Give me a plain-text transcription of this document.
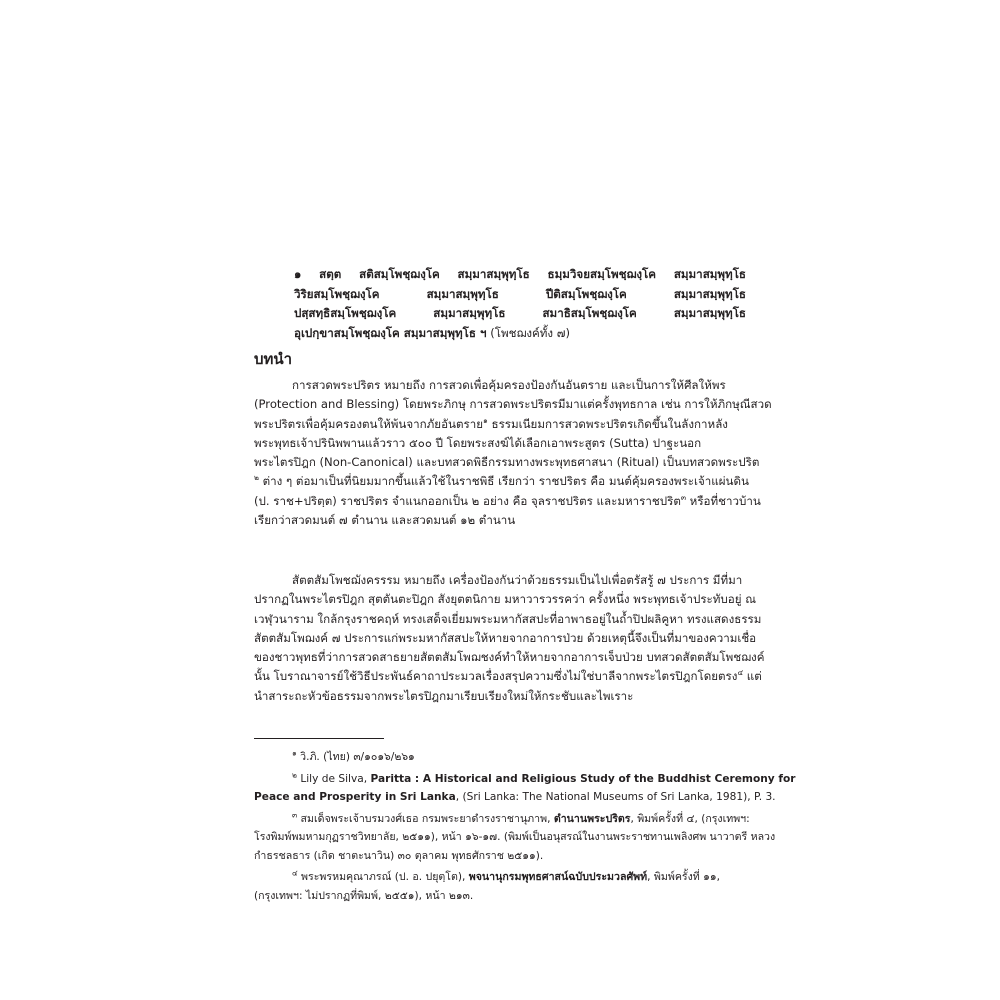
๑ สตฺต สติสมฺโพชฺฌงฺโค สมฺมาสมฺพุทฺโธ ธมฺมวิจยสมฺโพชฺฌงฺโค สมฺมาสมฺพุทฺโธ
วิริยสมฺโพชฺฌงฺโค สมฺมาสมฺพุทฺโธ ปีติสมฺโพชฺฌงฺโค สมฺมาสมฺพุทฺโธ
ปสฺสทฺธิสมฺโพชฺฌงฺโค สมฺมาสมฺพุทฺโธ สมาธิสมฺโพชฺฌงฺโค สมฺมาสมฺพุทฺโธ
อุเปกฺขาสมฺโพชฺฌงฺโค สมฺมาสมฺพุทฺโธ ฯ (โพชฌงค์ทั้ง ๗)
บทนำ
การสวดพระปริตร หมายถึง การสวดเพื่อคุ้มครองป้องกันอันตราย และเป็นการให้ศีลให้พร
(Protection and Blessing) โดยพระภิกษุ การสวดพระปริตรมีมาแต่ครั้งพุทธกาล เช่น การให้ภิกษุณีสวด
พระปริตรเพื่อคุ้มครองตนให้พ้นจากภัยอันตราย$^๑$ ธรรมเนียมการสวดพระปริตรเกิดขึ้นในลังกาหลัง
พระพุทธเจ้าปรินิพพานแล้วราว ๕๐๐ ปี โดยพระสงฆ์ได้เลือกเอาพระสูตร (Sutta) ปาฐะนอก
พระไตรปิฎก (Non-Canonical) และบทสวดพิธีกรรมทางพระพุทธศาสนา (Ritual) เป็นบทสวดพระปริต
$^๒$ ต่าง ๆ ต่อมาเป็นที่นิยมมากขึ้นแล้วใช้ในราชพิธี เรียกว่า ราชปริตร คือ มนต์คุ้มครองพระเจ้าแผ่นดิน
(ป. ราช+ปริตฺต) ราชปริตร จำแนกออกเป็น ๒ อย่าง คือ จุลราชปริตร และมหาราชปริต$^๓$ หรือที่ชาวบ้าน
เรียกว่าสวดมนต์ ๗ ตำนาน และสวดมนต์ ๑๒ ตำนาน
สัตตสัมโพชฌังครรรม หมายถึง เครื่องป้องกันว่าด้วยธรรมเป็นไปเพื่อตรัสรู้ ๗ ประการ มีที่มา
ปรากฏในพระไตรปิฎก สุตตันตะปิฎก สังยุตตนิกาย มหาวารวรรคว่า ครั้งหนึ่ง พระพุทธเจ้าประทับอยู่ ณ
เวฬุวนาราม ใกล้กรุงราชคฤห์ ทรงเสด็จเยี่ยมพระมหากัสสปะที่อาพาธอยู่ในถ้ำปิปผลิคูหา ทรงแสดงธรรม
สัตตสัมโพฌงค์ ๗ ประการแก่พระมหากัสสปะให้หายจากอาการป่วย ด้วยเหตุนี้จึงเป็นที่มาของความเชื่อ
ของชาวพุทธที่ว่าการสวดสาธยายสัตตสัมโพฌชงค์ทำให้หายจากอาการเจ็บป่วย บทสวดสัตตสัมโพชฌงค์
นั้น โบราณาจารย์ใช้วิธีประพันธ์คาถาประมวลเรื่องสรุปความซึ่งไม่ใช่บาลีจากพระไตรปิฎกโดยตรง$^๔$ แต่
นำสาระถะหัวข้อธรรมจากพระไตรปิฎกมาเรียบเรียงใหม่ให้กระชับและไพเราะ
$^๑$ วิ.ภิ. (ไทย) ๓/๑๐๑๖/๒๖๑
$^๒$ Lily de Silva, Paritta : A Historical and Religious Study of the Buddhist Ceremony for
Peace and Prosperity in Sri Lanka, (Sri Lanka: The National Museums of Sri Lanka, 1981), P. 3.
$^๓$ สมเด็จพระเจ้าบรมวงศ์เธอ กรมพระยาดำรงราชานุภาพ, ตำนานพระปริตร, พิมพ์ครั้งที่ ๔, (กรุงเทพฯ:
โรงพิมพ์พมหามกุฏราชวิทยาลัย, ๒๕๑๑), หน้า ๑๖-๑๗. (พิมพ์เป็นอนุสรณ์ในงานพระราชทานเพลิงศพ นาวาตรี หลวง
กำธรชลธาร (เกิด ชาตะนาวิน) ๓๐ ตุลาคม พุทธศักราช ๒๕๑๑).
$^๔$ พระพรหมคุณาภรณ์ (ป. อ. ปยุตฺโต), พจนานุกรมพุทธศาสน์ฉบับประมวลศัพท์, พิมพ์ครั้งที่ ๑๑,
(กรุงเทพฯ: ไม่ปรากฏที่พิมพ์, ๒๕๕๑), หน้า ๒๑๓.
